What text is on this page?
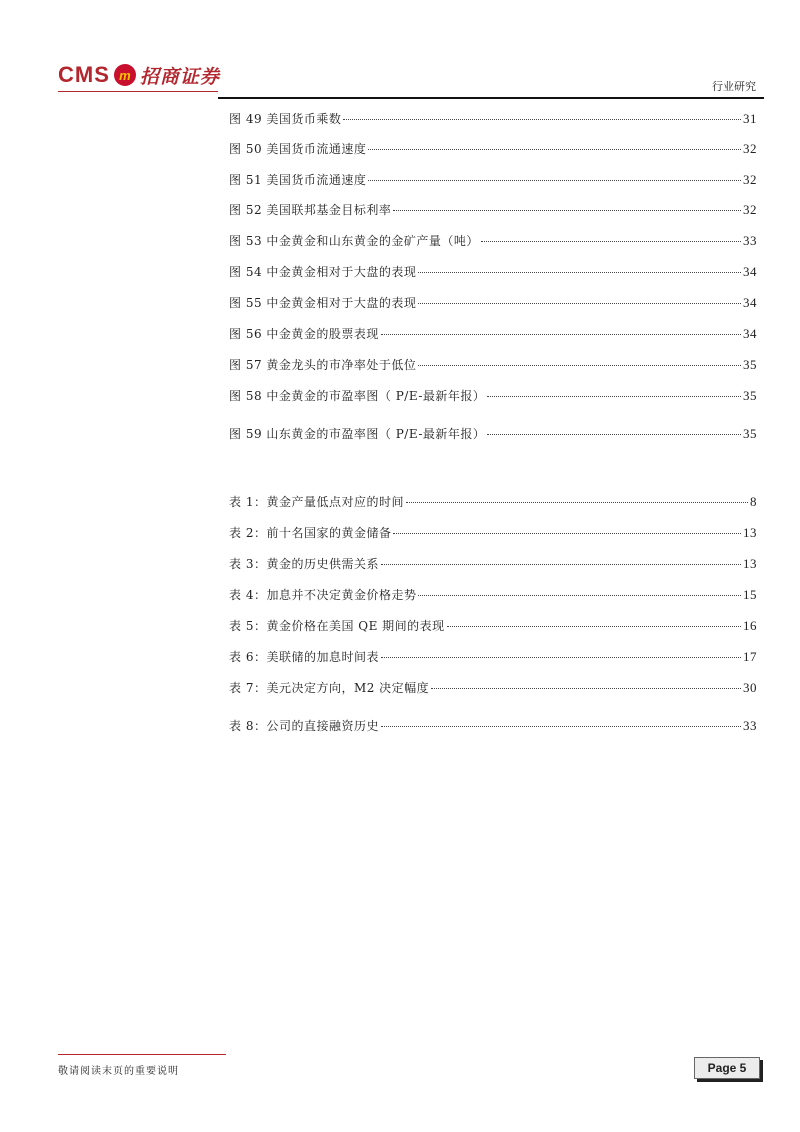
CMS m 招商证券	行业研究
图 49 美国货币乘数	31
图 50 美国货币流通速度	32
图 51 美国货币流通速度	32
图 52 美国联邦基金目标利率	32
图 53 中金黄金和山东黄金的金矿产量（吨）	33
图 54 中金黄金相对于大盘的表现	34
图 55 中金黄金相对于大盘的表现	34
图 56 中金黄金的股票表现	34
图 57 黄金龙头的市净率处于低位	35
图 58 中金黄金的市盈率图（ P/E-最新年报）	35
图 59 山东黄金的市盈率图（ P/E-最新年报）	35
表 1：黄金产量低点对应的时间	8
表 2：前十名国家的黄金储备	13
表 3：黄金的历史供需关系	13
表 4：加息并不决定黄金价格走势	15
表 5：黄金价格在美国 QE 期间的表现	16
表 6：美联储的加息时间表	17
表 7：美元决定方向，M2 决定幅度	30
表 8：公司的直接融资历史	33
敬请阅读末页的重要说明	Page 5
